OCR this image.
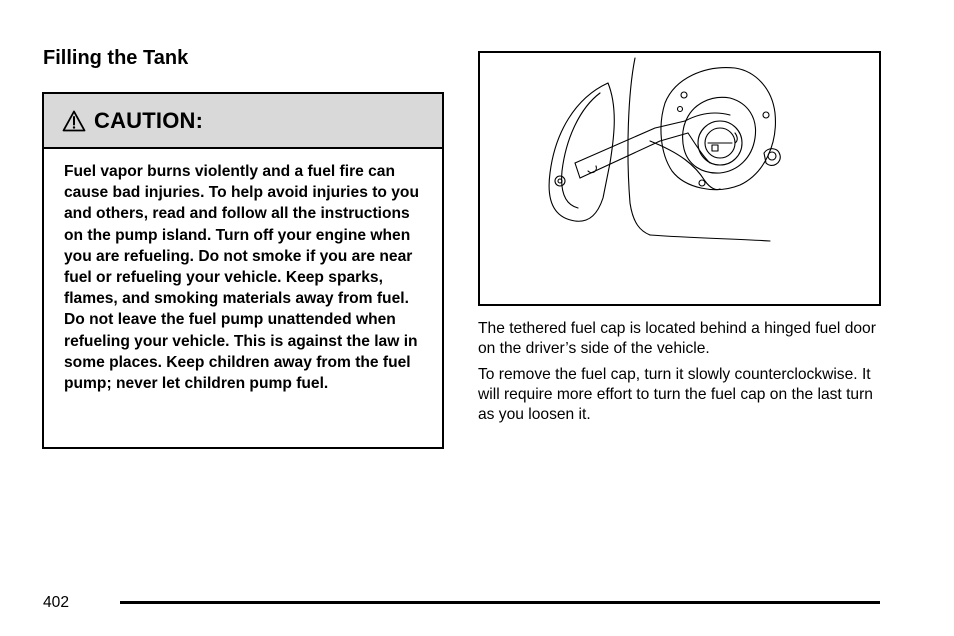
Filling the Tank
CAUTION:
Fuel vapor burns violently and a fuel fire can cause bad injuries. To help avoid injuries to you and others, read and follow all the instructions on the pump island. Turn off your engine when you are refueling. Do not smoke if you are near fuel or refueling your vehicle. Keep sparks, flames, and smoking materials away from fuel. Do not leave the fuel pump unattended when refueling your vehicle. This is against the law in some places. Keep children away from the fuel pump; never let children pump fuel.

The tethered fuel cap is located behind a hinged fuel door on the driver’s side of the vehicle.

To remove the fuel cap, turn it slowly counterclockwise. It will require more effort to turn the fuel cap on the last turn as you loosen it.

402
